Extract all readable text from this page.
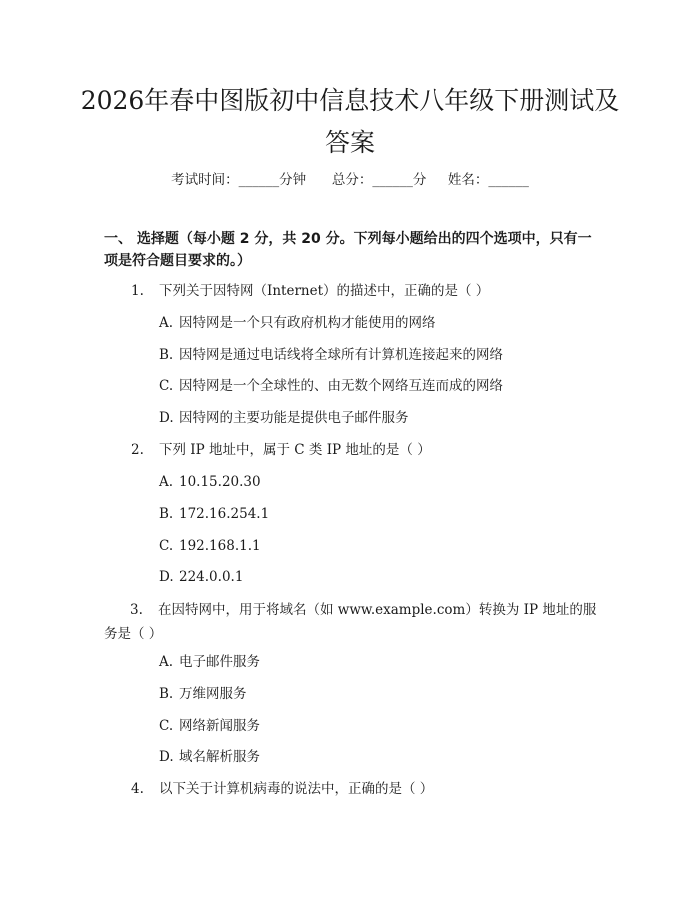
2026年春中图版初中信息技术八年级下册测试及答案
考试时间：______分钟 总分：______分 姓名：______
一、 选择题（每小题 2 分，共 20 分。下列每小题给出的四个选项中，只有一项是符合题目要求的。）
1. 下列关于因特网（Internet）的描述中，正确的是（ ）
A. 因特网是一个只有政府机构才能使用的网络
B. 因特网是通过电话线将全球所有计算机连接起来的网络
C. 因特网是一个全球性的、由无数个网络互连而成的网络
D. 因特网的主要功能是提供电子邮件服务
2. 下列 IP 地址中，属于 C 类 IP 地址的是（ ）
A. 10.15.20.30
B. 172.16.254.1
C. 192.168.1.1
D. 224.0.0.1
3. 在因特网中，用于将域名（如 www.example.com）转换为 IP 地址的服务是（ ）
A. 电子邮件服务
B. 万维网服务
C. 网络新闻服务
D. 域名解析服务
4. 以下关于计算机病毒的说法中，正确的是（ ）
